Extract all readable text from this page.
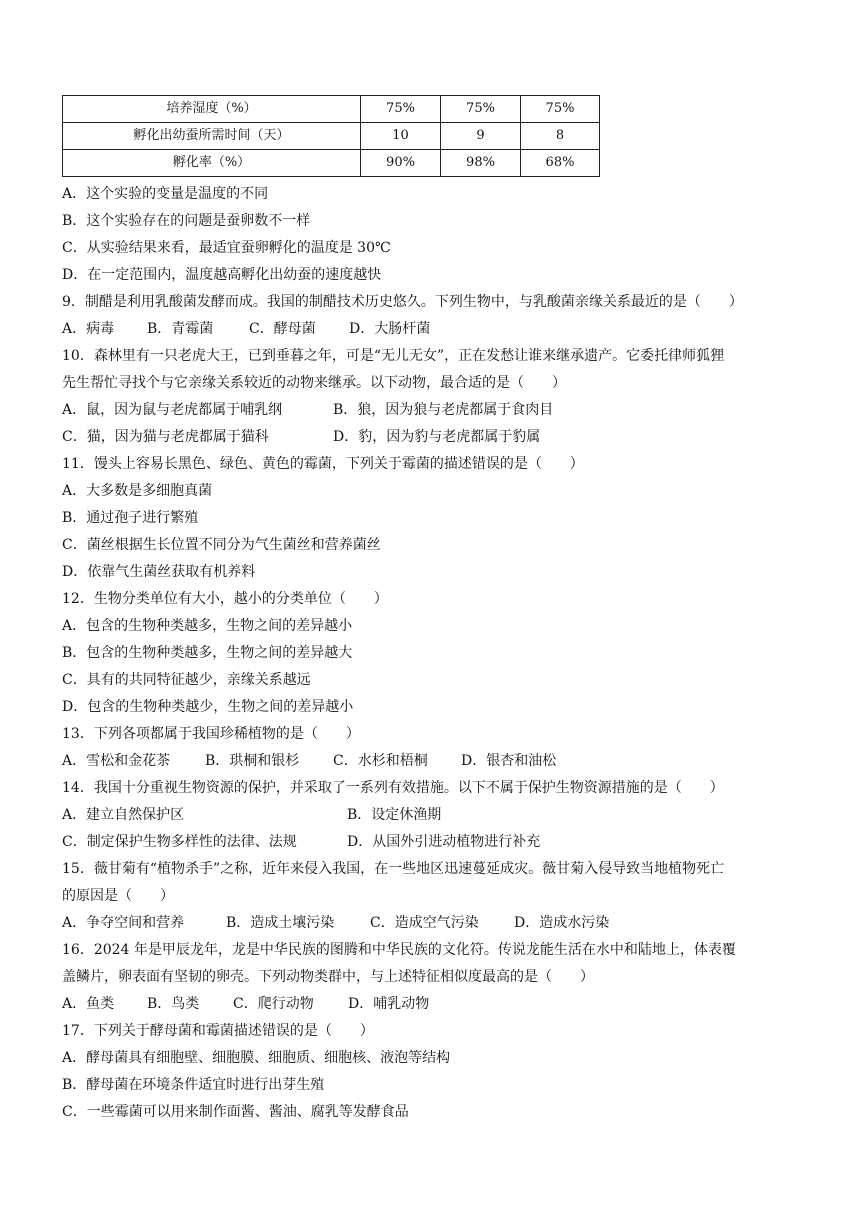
培养湿度（%）	75%	75%	75%
孵化出幼蚕所需时间（天）	10	9	8
孵化率（%）	90%	98%	68%
A．这个实验的变量是温度的不同
B．这个实验存在的问题是蚕卵数不一样
C．从实验结果来看，最适宜蚕卵孵化的温度是 30℃
D．在一定范围内，温度越高孵化出幼蚕的速度越快
9．制醋是利用乳酸菌发酵而成。我国的制醋技术历史悠久。下列生物中，与乳酸菌亲缘关系最近的是（　　）
A．病毒 B．青霉菌	C．酵母菌 D．大肠杆菌
10．森林里有一只老虎大王，已到垂暮之年，可是“无儿无女”，正在发愁让谁来继承遗产。它委托律师狐狸
先生帮忙寻找个与它亲缘关系较近的动物来继承。以下动物，最合适的是（　　）
A．鼠，因为鼠与老虎都属于哺乳纲	B．狼，因为狼与老虎都属于食肉目
C．猫，因为猫与老虎都属于猫科	D．豹，因为豹与老虎都属于豹属
11．馒头上容易长黑色、绿色、黄色的霉菌，下列关于霉菌的描述错误的是（　　）
A．大多数是多细胞真菌
B．通过孢子进行繁殖
C．菌丝根据生长位置不同分为气生菌丝和营养菌丝
D．依靠气生菌丝获取有机养料
12．生物分类单位有大小，越小的分类单位（　　）
A．包含的生物种类越多，生物之间的差异越小
B．包含的生物种类越多，生物之间的差异越大
C．具有的共同特征越少，亲缘关系越远
D．包含的生物种类越少，生物之间的差异越小
13．下列各项都属于我国珍稀植物的是（　　）
A．雪松和金花茶 B．珙桐和银杉 C．水杉和梧桐 D．银杏和油松
14．我国十分重视生物资源的保护，并采取了一系列有效措施。以下不属于保护生物资源措施的是（　　）
A．建立自然保护区	B．设定休渔期
C．制定保护生物多样性的法律、法规	D．从国外引进动植物进行补充
15．薇甘菊有“植物杀手”之称，近年来侵入我国，在一些地区迅速蔓延成灾。薇甘菊入侵导致当地植物死亡
的原因是（　　）
A．争夺空间和营养	B．造成土壤污染	C．造成空气污染	D．造成水污染
16．2024 年是甲辰龙年，龙是中华民族的图腾和中华民族的文化符。传说龙能生活在水中和陆地上，体表覆
盖鳞片，卵表面有坚韧的卵壳。下列动物类群中，与上述特征相似度最高的是（　　）
A．鱼类 B．鸟类 C．爬行动物 D．哺乳动物
17．下列关于酵母菌和霉菌描述错误的是（　　）
A．酵母菌具有细胞壁、细胞膜、细胞质、细胞核、液泡等结构
B．酵母菌在环境条件适宜时进行出芽生殖
C．一些霉菌可以用来制作面酱、酱油、腐乳等发酵食品
